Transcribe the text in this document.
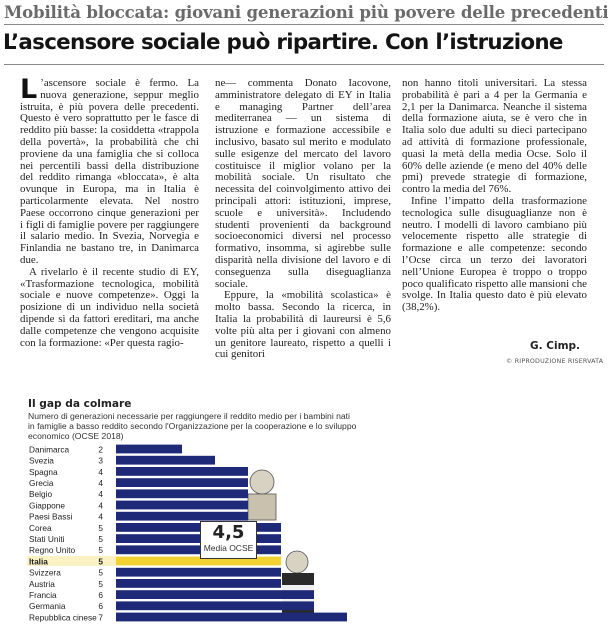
Mobilità bloccata: giovani generazioni più povere delle precedenti
L’ascensore sociale può ripartire. Con l’istruzione

L ’ascensore sociale è fermo. La nuova generazione, seppur meglio istruita, è più povera delle precedenti. Questo è vero soprattutto per le fasce di reddito più basse: la cosiddetta «trappola della povertà», la probabilità che chi proviene da una famiglia che si colloca nei percentili bassi della distribuzione del reddito rimanga «bloccata», è alta ovunque in Europa, ma in Italia è particolarmente elevata. Nel nostro Paese occorrono cinque generazioni per i figli di famiglie povere per raggiungere il salario medio. In Svezia, Norvegia e Finlandia ne bastano tre, in Danimarca due.

A rivelarlo è il recente studio di EY, «Trasformazione tecnologica, mobilità sociale e nuove competenze». Oggi la posizione di un individuo nella società dipende sì da fattori ereditari, ma anche dalle competenze che vengono acquisite con la formazione: «Per questa ragio-

ne— commenta Donato Iacovone, amministratore delegato di EY in Italia e managing Partner dell’area mediterranea — un sistema di istruzione e formazione accessibile e inclusivo, basato sul merito e modulato sulle esigenze del mercato del lavoro costituisce il miglior volano per la mobilità sociale. Un risultato che necessita del coinvolgimento attivo dei principali attori: istituzioni, imprese, scuole e università». Includendo studenti provenienti da background socioeconomici diversi nel processo formativo, insomma, si agirebbe sulle disparità nella divisione del lavoro e di conseguenza sulla diseguaglianza sociale.

Eppure, la «mobilità scolastica» è molto bassa. Secondo la ricerca, in Italia la probabilità di laureursi è 5,6 volte più alta per i giovani con almeno un genitore laureato, rispetto a quelli i cui genitori

non hanno titoli universitari. La stessa probabilità è pari a 4 per la Germania e 2,1 per la Danimarca. Neanche il sistema della formazione aiuta, se è vero che in Italia solo due adulti su dieci partecipano ad attività di formazione professionale, quasi la metà della media Ocse. Solo il 60% delle aziende (e meno del 40% delle pmi) prevede strategie di formazione, contro la media del 76%.

Infine l’impatto della trasformazione tecnologica sulle disuguaglianze non è neutro. I modelli di lavoro cambiano più velocemente rispetto alle strategie di formazione e alle competenze: secondo l’Ocse circa un terzo dei lavoratori nell’Unione Europea è troppo o troppo poco qualificato rispetto alle mansioni che svolge. In Italia questo dato è più elevato (38,2%).

G. Cimp.
© RIPRODUZIONE RISERVATA
Il gap da colmare
Numero di generazioni necessarie per raggiungere il reddito medio per i bambini nati in famiglie a basso reddito secondo l'Organizzazione per la cooperazione e lo sviluppo economico (OCSE 2018)
Danimarca	2
Svezia	3
Spagna	4
Grecia	4
Belgio	4
Giappone	4
Paesi Bassi	4
Corea	5
Stati Uniti	5
Regno Unito	5
Italia	5
Svizzera	5
Austria	5
Francia	6
Germania	6
Repubblica cinese 7
4,5
Media OCSE
